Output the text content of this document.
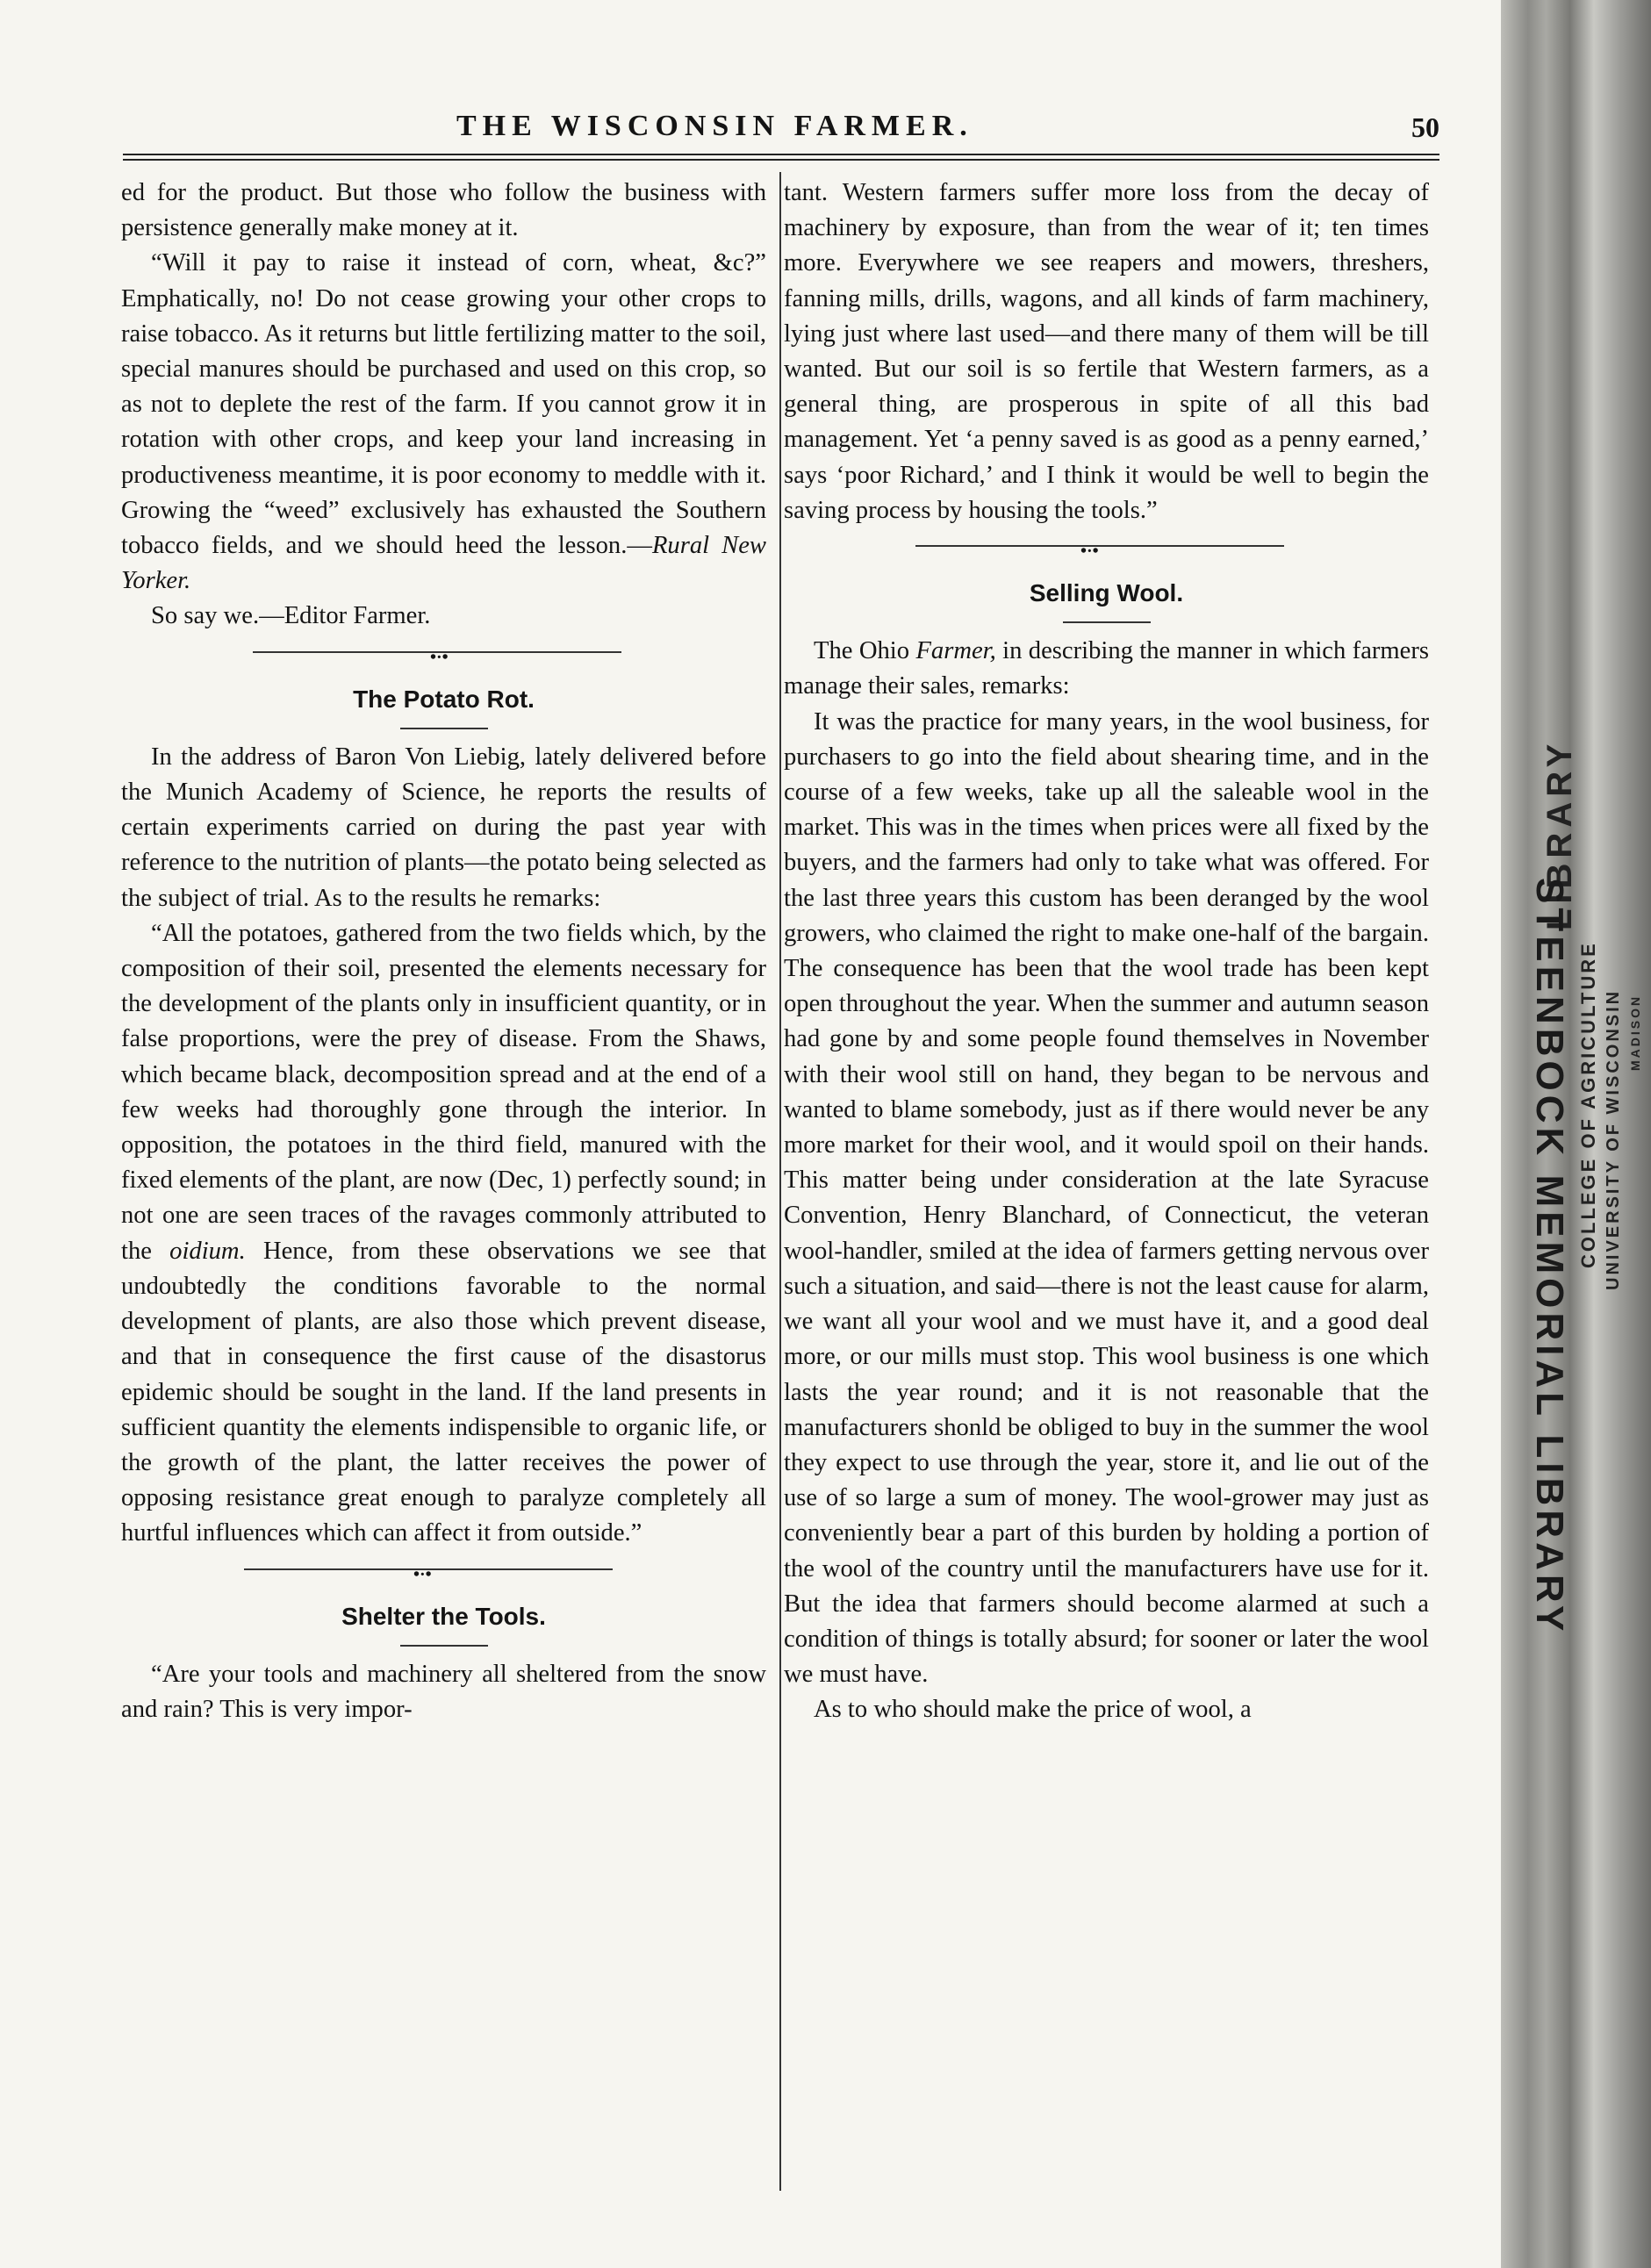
LIBRARY
COLLEGE OF AGRICULTURE UNIVERSITY OF WISCONSIN MADISON
STEENBOCK MEMORIAL LIBRARY
THE WISCONSIN FARMER.	50

ed for the product. But those who follow the business with persistence generally make money at it.

“Will it pay to raise it instead of corn, wheat, &c?” Emphatically, no! Do not cease growing your other crops to raise tobacco. As it returns but little fertilizing matter to the soil, special manures should be purchased and used on this crop, so as not to deplete the rest of the farm. If you cannot grow it in rotation with other crops, and keep your land increasing in productiveness meantime, it is poor economy to meddle with it. Growing the “weed” exclusively has exhausted the Southern tobacco fields, and we should heed the lesson.—Rural New Yorker.

So say we.—Editor Farmer.

•·•
The Potato Rot.

In the address of Baron Von Liebig, lately delivered before the Munich Academy of Science, he reports the results of certain experiments carried on during the past year with reference to the nutrition of plants—the potato being selected as the subject of trial. As to the results he remarks:

“All the potatoes, gathered from the two fields which, by the composition of their soil, presented the elements necessary for the development of the plants only in insufficient quantity, or in false proportions, were the prey of disease. From the Shaws, which became black, decomposition spread and at the end of a few weeks had thoroughly gone through the interior. In opposition, the potatoes in the third field, manured with the fixed elements of the plant, are now (Dec, 1) perfectly sound; in not one are seen traces of the ravages commonly attributed to the oidium. Hence, from these observations we see that undoubtedly the conditions favorable to the normal development of plants, are also those which prevent disease, and that in consequence the first cause of the disastorus epidemic should be sought in the land. If the land presents in sufficient quantity the elements indispensible to organic life, or the growth of the plant, the latter receives the power of opposing resistance great enough to paralyze completely all hurtful influences which can affect it from outside.”

•·•
Shelter the Tools.

“Are your tools and machinery all sheltered from the snow and rain? This is very impor-

tant. Western farmers suffer more loss from the decay of machinery by exposure, than from the wear of it; ten times more. Everywhere we see reapers and mowers, threshers, fanning mills, drills, wagons, and all kinds of farm machinery, lying just where last used—and there many of them will be till wanted. But our soil is so fertile that Western farmers, as a general thing, are prosperous in spite of all this bad management. Yet ‘a penny saved is as good as a penny earned,’ says ‘poor Richard,’ and I think it would be well to begin the saving process by housing the tools.”

•·•
Selling Wool.

The Ohio Farmer, in describing the manner in which farmers manage their sales, remarks:

It was the practice for many years, in the wool business, for purchasers to go into the field about shearing time, and in the course of a few weeks, take up all the saleable wool in the market. This was in the times when prices were all fixed by the buyers, and the farmers had only to take what was offered. For the last three years this custom has been deranged by the wool growers, who claimed the right to make one-half of the bargain. The consequence has been that the wool trade has been kept open throughout the year. When the summer and autumn season had gone by and some people found themselves in November with their wool still on hand, they began to be nervous and wanted to blame somebody, just as if there would never be any more market for their wool, and it would spoil on their hands. This matter being under consideration at the late Syracuse Convention, Henry Blanchard, of Connecticut, the veteran wool-handler, smiled at the idea of farmers getting nervous over such a situation, and said—there is not the least cause for alarm, we want all your wool and we must have it, and a good deal more, or our mills must stop. This wool business is one which lasts the year round; and it is not reasonable that the manufacturers shonld be obliged to buy in the summer the wool they expect to use through the year, store it, and lie out of the use of so large a sum of money. The wool-grower may just as conveniently bear a part of this burden by holding a portion of the wool of the country until the manufacturers have use for it. But the idea that farmers should become alarmed at such a condition of things is totally absurd; for sooner or later the wool we must have.

As to who should make the price of wool, a
